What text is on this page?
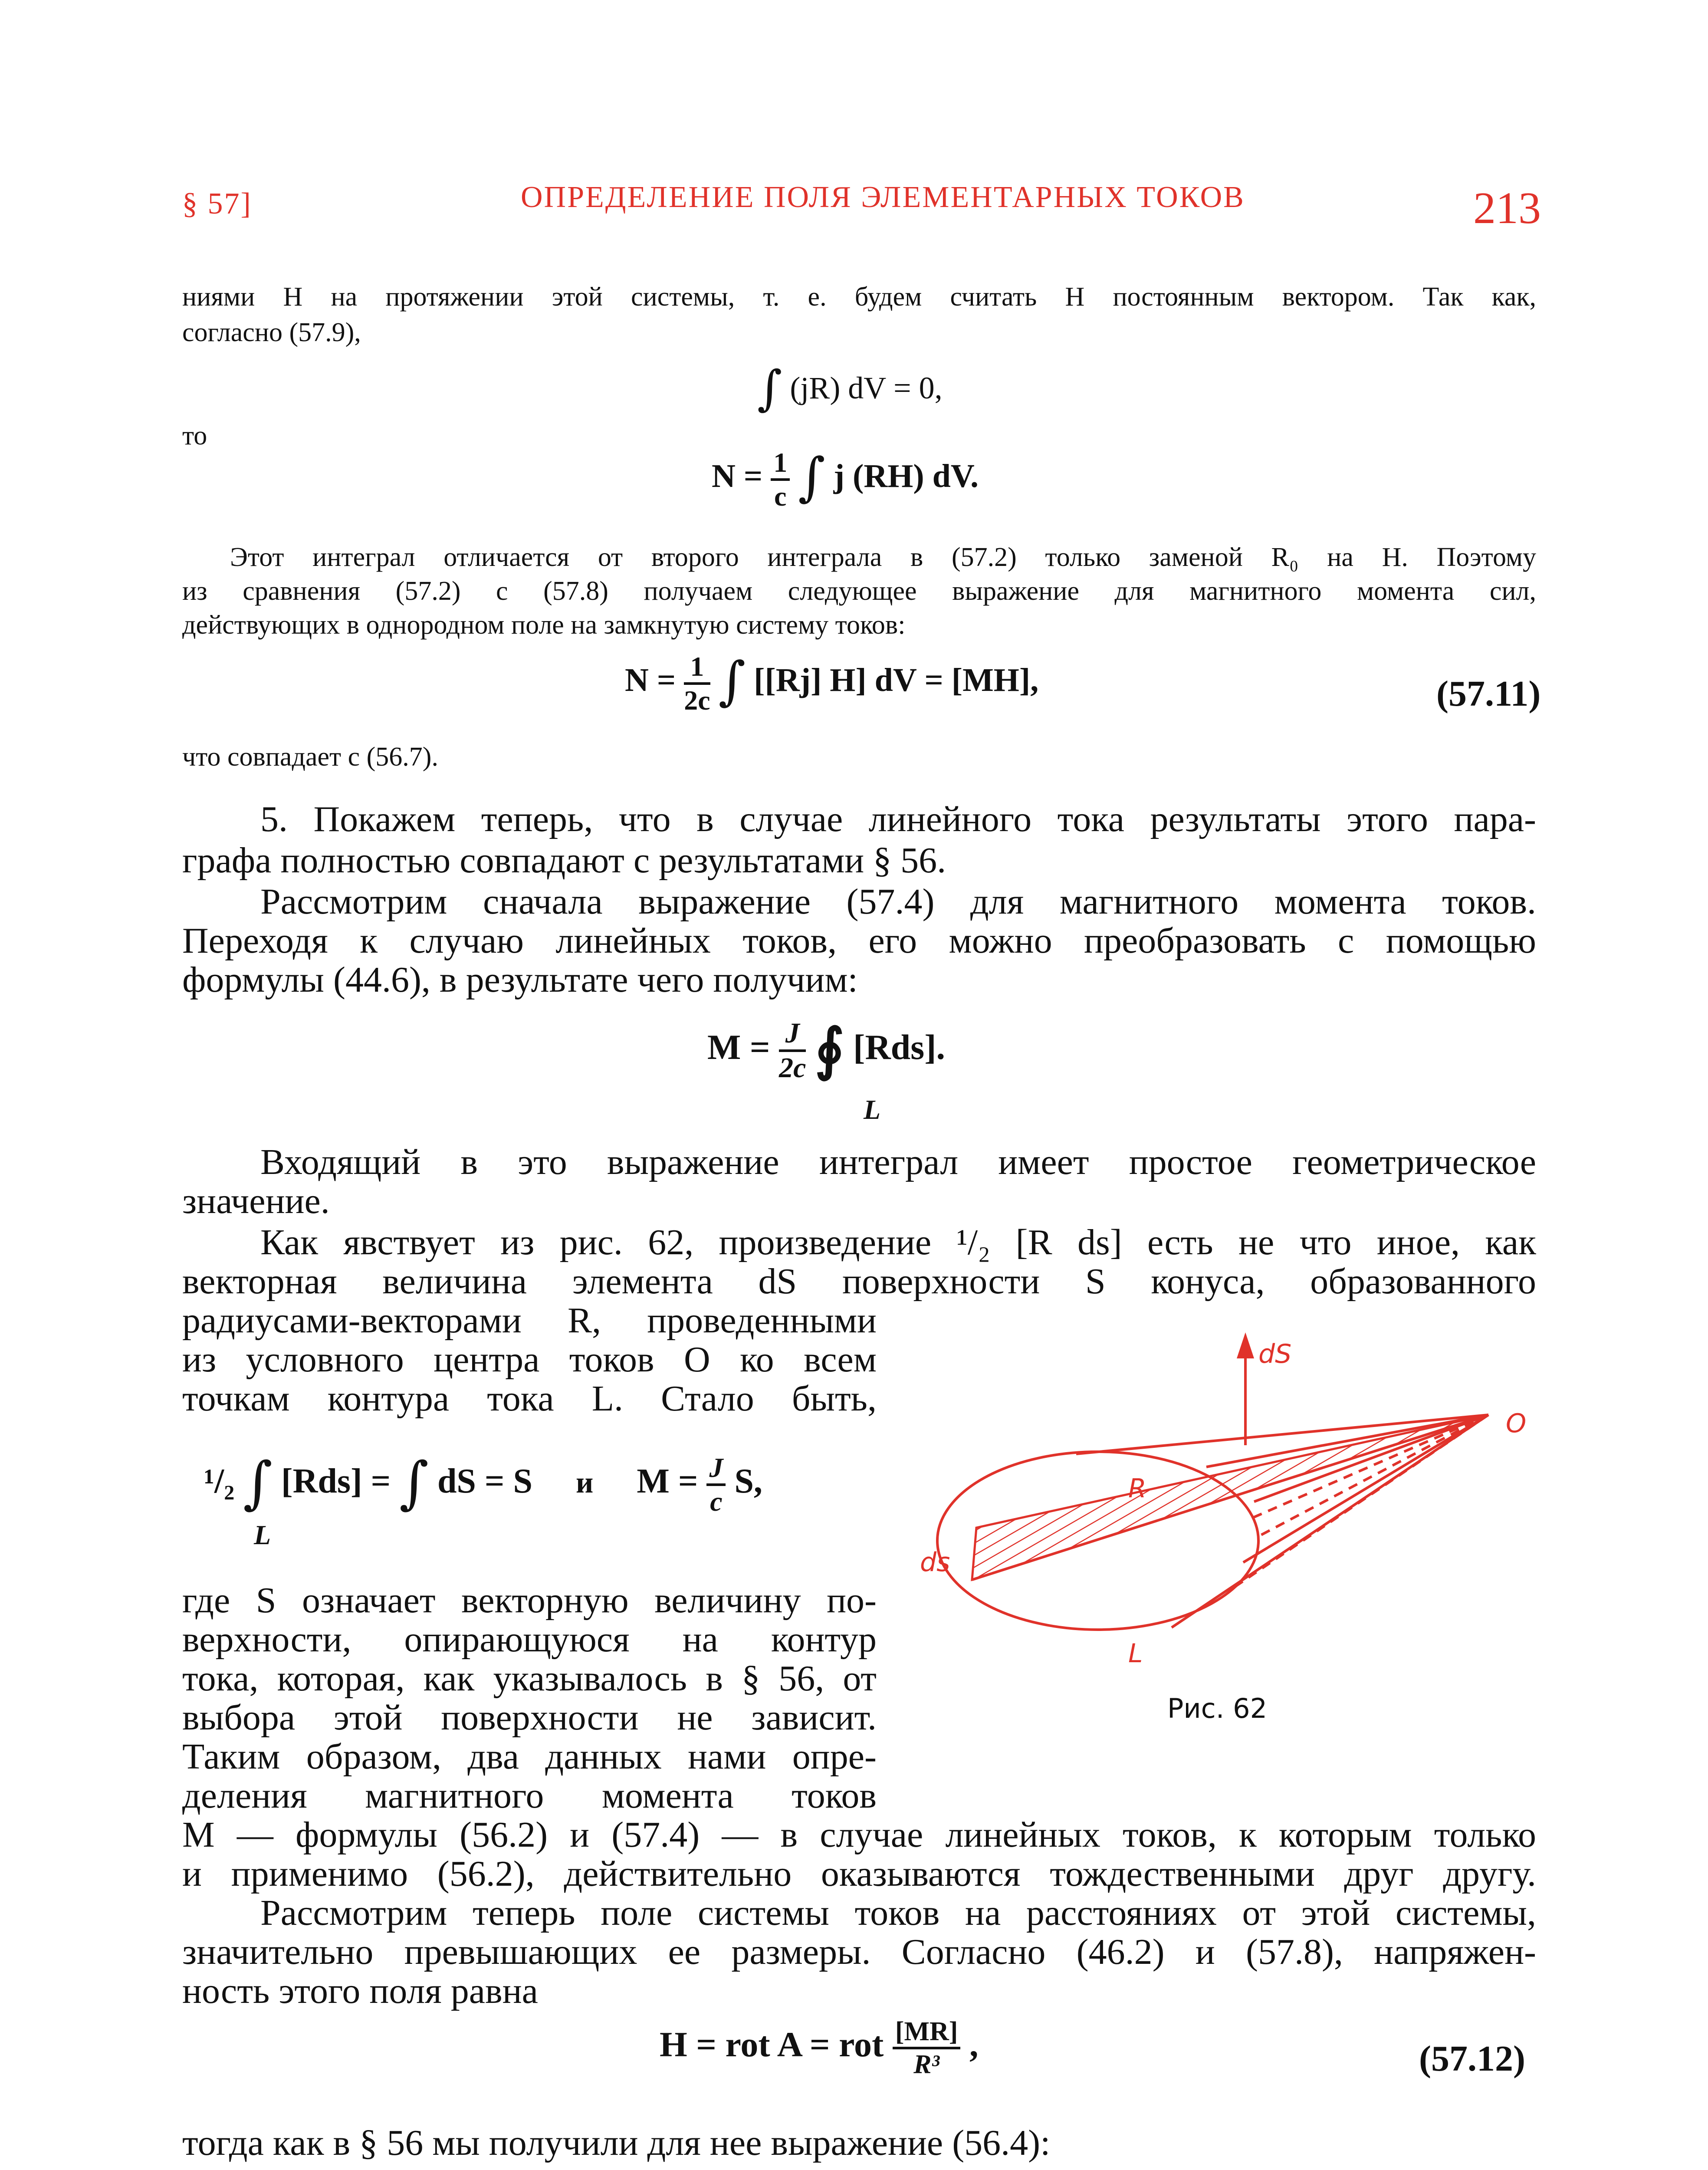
§ 57]	ОПРЕДЕЛЕНИЕ ПОЛЯ ЭЛЕМЕНТАРНЫХ ТОКОВ	213
ниями H на протяжении этой системы, т. е. будем считать H постоянным вектором. Так как,
согласно (57.9),
∫ (jR) dV = 0,
то
$N = \frac{1}{c}$ ∫ j (RH) dV.
Этот интеграл отличается от второго интеграла в (57.2) только заменой R₀ на H. Поэтому
из сравнения (57.2) с (57.8) получаем следующее выражение для магнитного момента сил,
действующих в однородном поле на замкнутую систему токов:
$N = \frac{1}{2c}$ ∫ [[Rj] H] dV = [MH],	(57.11)
что совпадает с (56.7).
5. Покажем теперь, что в случае линейного тока результаты этого пара-
графа полностью совпадают с результатами § 56.
Рассмотрим сначала выражение (57.4) для магнитного момента токов.
Переходя к случаю линейных токов, его можно преобразовать с помощью
формулы (44.6), в результате чего получим:
$M = \frac{J}{2c}$ ∮ [Rds].
L
Входящий в это выражение интеграл имеет простое геометрическое
значение.
Как явствует из рис. 62, произведение ¹/₂ [R ds] есть не что иное, как
векторная величина элемента dS поверхности S конуса, образованного
радиусами-векторами R, проведенными
из условного центра токов O ко всем
точкам контура тока L. Стало быть,
¹/₂ ∫ [Rds] = ∫ dS = S и $M = \frac{J}{c} S$,
L
где S означает векторную величину по-
верхности, опирающуюся на контур
тока, которая, как указывалось в § 56, от
выбора этой поверхности не зависит.
Таким образом, два данных нами опре-
деления магнитного момента токов
M — формулы (56.2) и (57.4) — в случае линейных токов, к которым только
и применимо (56.2), действительно оказываются тождественными друг другу.
Рассмотрим теперь поле системы токов на расстояниях от этой системы,
значительно превышающих ее размеры. Согласно (46.2) и (57.8), напряжен-
ность этого поля равна
H = rot A = rot $\frac{[MR]}{\text{R³}}$ ,	(57.12)
тогда как в § 56 мы получили для нее выражение (56.4):

dS
O
R
ds
L
Рис. 62
